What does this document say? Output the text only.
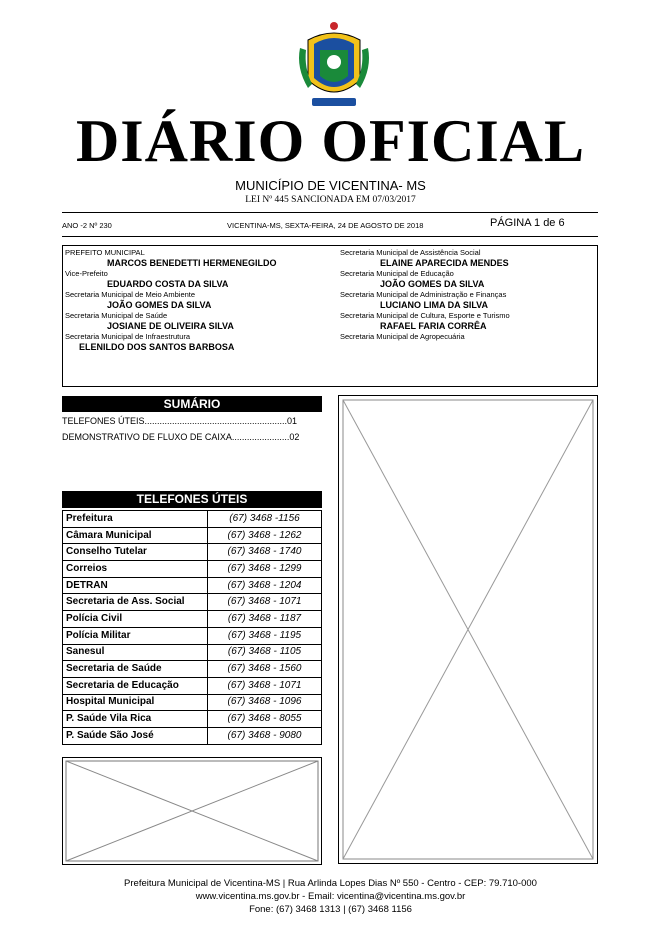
DIÁRIO OFICIAL
MUNICÍPIO DE VICENTINA- MS
LEI Nº 445 SANCIONADA EM 07/03/2017
ANO -2 Nº 230	VICENTINA-MS, SEXTA-FEIRA, 24 DE AGOSTO DE 2018	PÁGINA 1 de 6
PREFEITO MUNICIPAL
MARCOS BENEDETTI HERMENEGILDO
Vice-Prefeito
EDUARDO COSTA DA SILVA
Secretaria Municipal de Meio Ambiente
JOÃO GOMES DA SILVA
Secretaria Municipal de Saúde
JOSIANE DE OLIVEIRA SILVA
Secretaria Municipal de Infraestrutura
ELENILDO DOS SANTOS BARBOSA
Secretaria Municipal de Assistência Social
ELAINE APARECIDA MENDES
Secretaria Municipal de Educação
JOÃO GOMES DA SILVA
Secretaria Municipal de Administração e Finanças
LUCIANO LIMA DA SILVA
Secretaria Municipal de Cultura, Esporte e Turismo
RAFAEL FARIA CORRÊA
Secretaria Municipal de Agropecuária
SUMÁRIO
TELEFONES ÚTEIS.........................................................01
DEMONSTRATIVO DE FLUXO DE CAIXA.......................02
TELEFONES ÚTEIS
Prefeitura	(67) 3468 -1156
Câmara Municipal	(67) 3468 - 1262
Conselho Tutelar	(67) 3468 - 1740
Correios	(67) 3468 - 1299
DETRAN	(67) 3468 - 1204
Secretaria de Ass. Social	(67) 3468 - 1071
Polícia Civil	(67) 3468 - 1187
Polícia Militar	(67) 3468 - 1195
Sanesul	(67) 3468 - 1105
Secretaria de Saúde	(67) 3468 - 1560
Secretaria de Educação	(67) 3468 - 1071
Hospital Municipal	(67) 3468 - 1096
P. Saúde Vila Rica	(67) 3468 - 8055
P. Saúde São José	(67) 3468 - 9080
Prefeitura Municipal de Vicentina-MS | Rua Arlinda Lopes Dias Nº 550 - Centro - CEP: 79.710-000
www.vicentina.ms.gov.br - Email: vicentina@vicentina.ms.gov.br
Fone: (67) 3468 1313 | (67) 3468 1156
